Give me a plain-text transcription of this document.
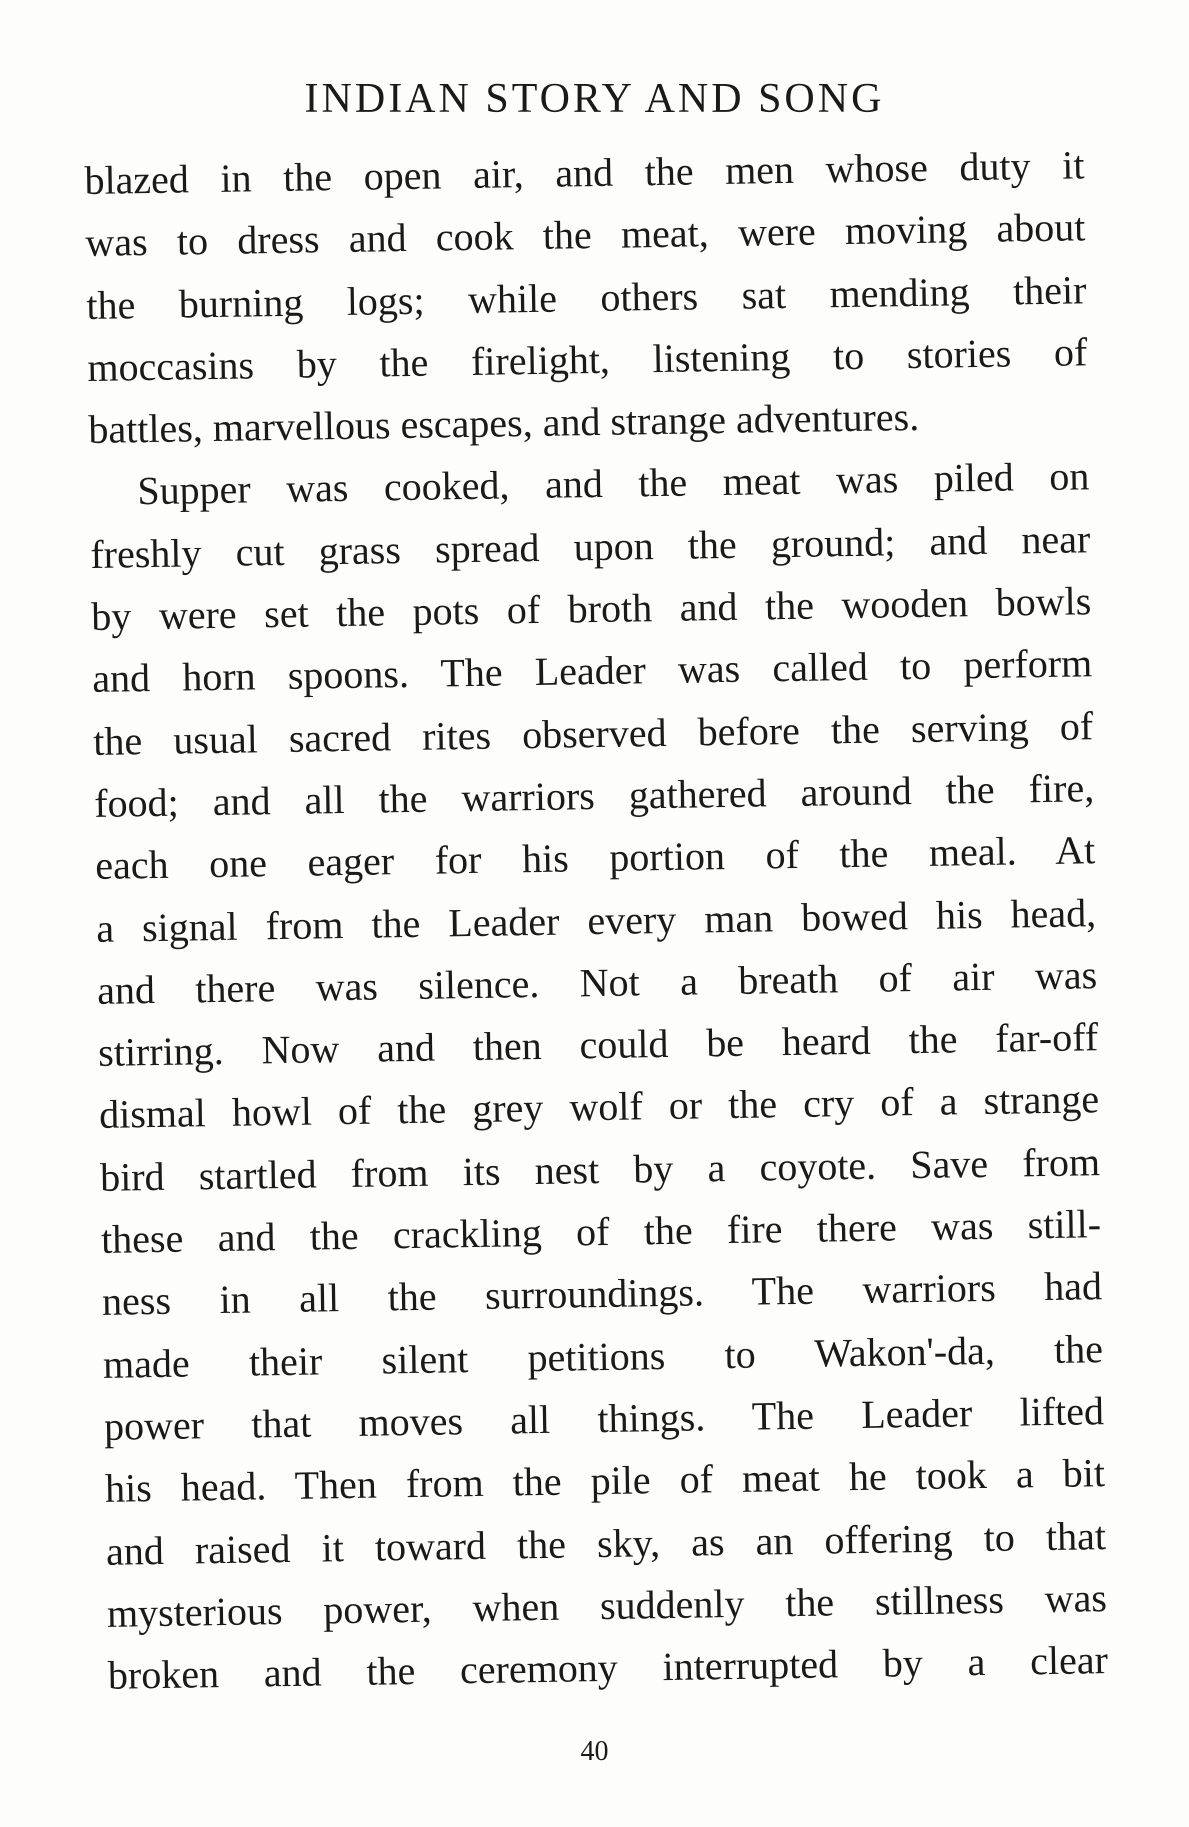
INDIAN STORY AND SONG
blazed in the open air, and the men whose duty it
was to dress and cook the meat, were moving about
the burning logs; while others sat mending their
moccasins by the firelight, listening to stories of
battles, marvellous escapes, and strange adventures.
Supper was cooked, and the meat was piled on
freshly cut grass spread upon the ground; and near
by were set the pots of broth and the wooden bowls
and horn spoons. The Leader was called to perform
the usual sacred rites observed before the serving of
food; and all the warriors gathered around the fire,
each one eager for his portion of the meal. At
a signal from the Leader every man bowed his head,
and there was silence. Not a breath of air was
stirring. Now and then could be heard the far-off
dismal howl of the grey wolf or the cry of a strange
bird startled from its nest by a coyote. Save from
these and the crackling of the fire there was still-
ness in all the surroundings. The warriors had
made their silent petitions to Wakon'-da, the
power that moves all things. The Leader lifted
his head. Then from the pile of meat he took a bit
and raised it toward the sky, as an offering to that
mysterious power, when suddenly the stillness was
broken and the ceremony interrupted by a clear
40
